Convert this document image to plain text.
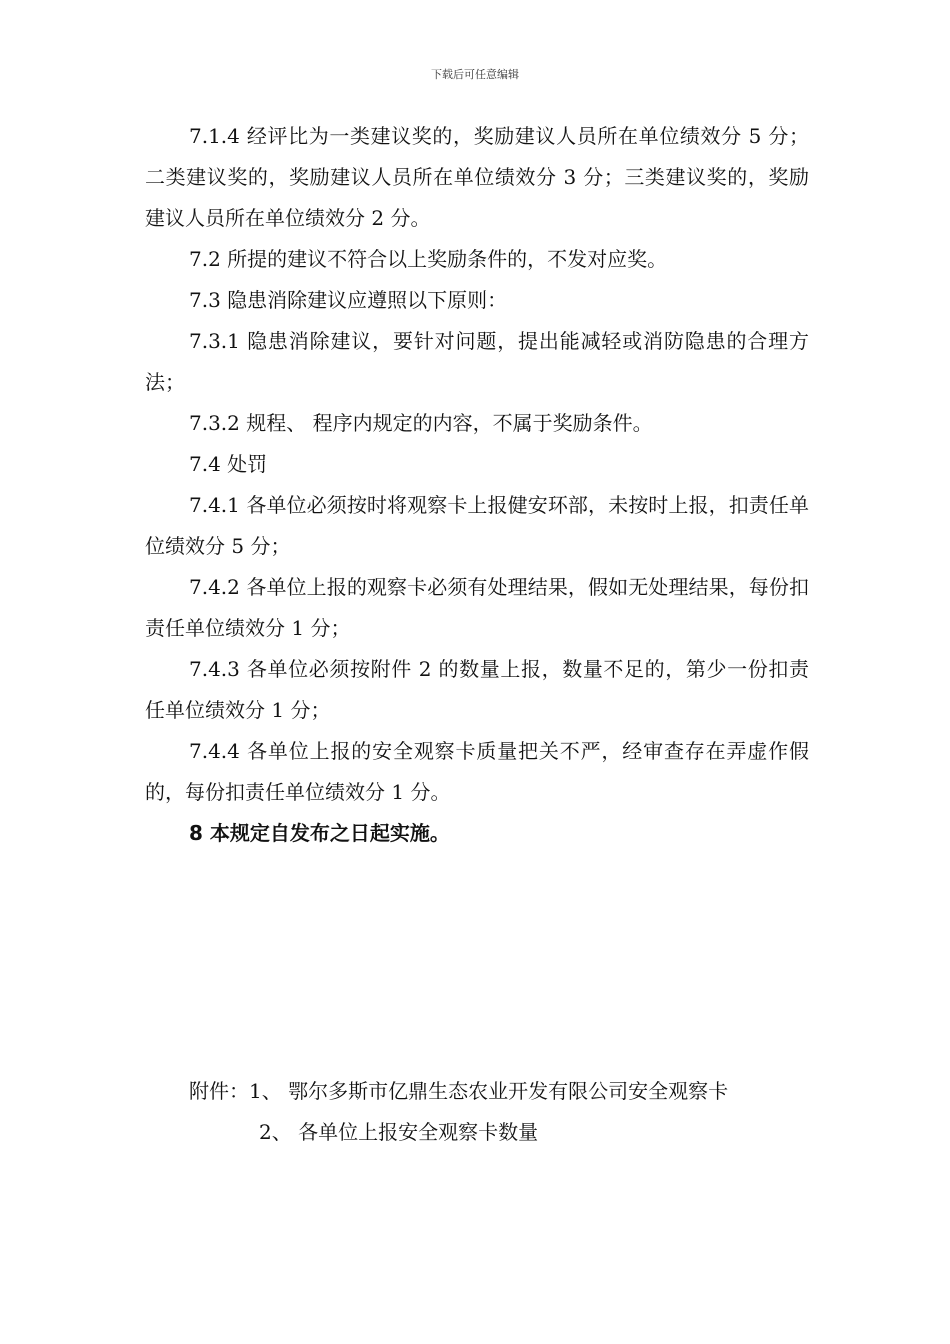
下载后可任意编辑

7.1.4 经评比为一类建议奖的，奖励建议人员所在单位绩效分 5 分；二类建议奖的，奖励建议人员所在单位绩效分 3 分；三类建议奖的，奖励建议人员所在单位绩效分 2 分。

7.2 所提的建议不符合以上奖励条件的，不发对应奖。

7.3 隐患消除建议应遵照以下原则：

7.3.1 隐患消除建议，要针对问题，提出能减轻或消防隐患的合理方法；

7.3.2 规程、 程序内规定的内容，不属于奖励条件。

7.4 处罚

7.4.1 各单位必须按时将观察卡上报健安环部，未按时上报，扣责任单位绩效分 5 分；

7.4.2 各单位上报的观察卡必须有处理结果，假如无处理结果，每份扣责任单位绩效分 1 分；

7.4.3 各单位必须按附件 2 的数量上报，数量不足的，第少一份扣责任单位绩效分 1 分；

7.4.4 各单位上报的安全观察卡质量把关不严，经审查存在弄虚作假的，每份扣责任单位绩效分 1 分。

8 本规定自发布之日起实施。

附件：1、 鄂尔多斯市亿鼎生态农业开发有限公司安全观察卡

2、 各单位上报安全观察卡数量
